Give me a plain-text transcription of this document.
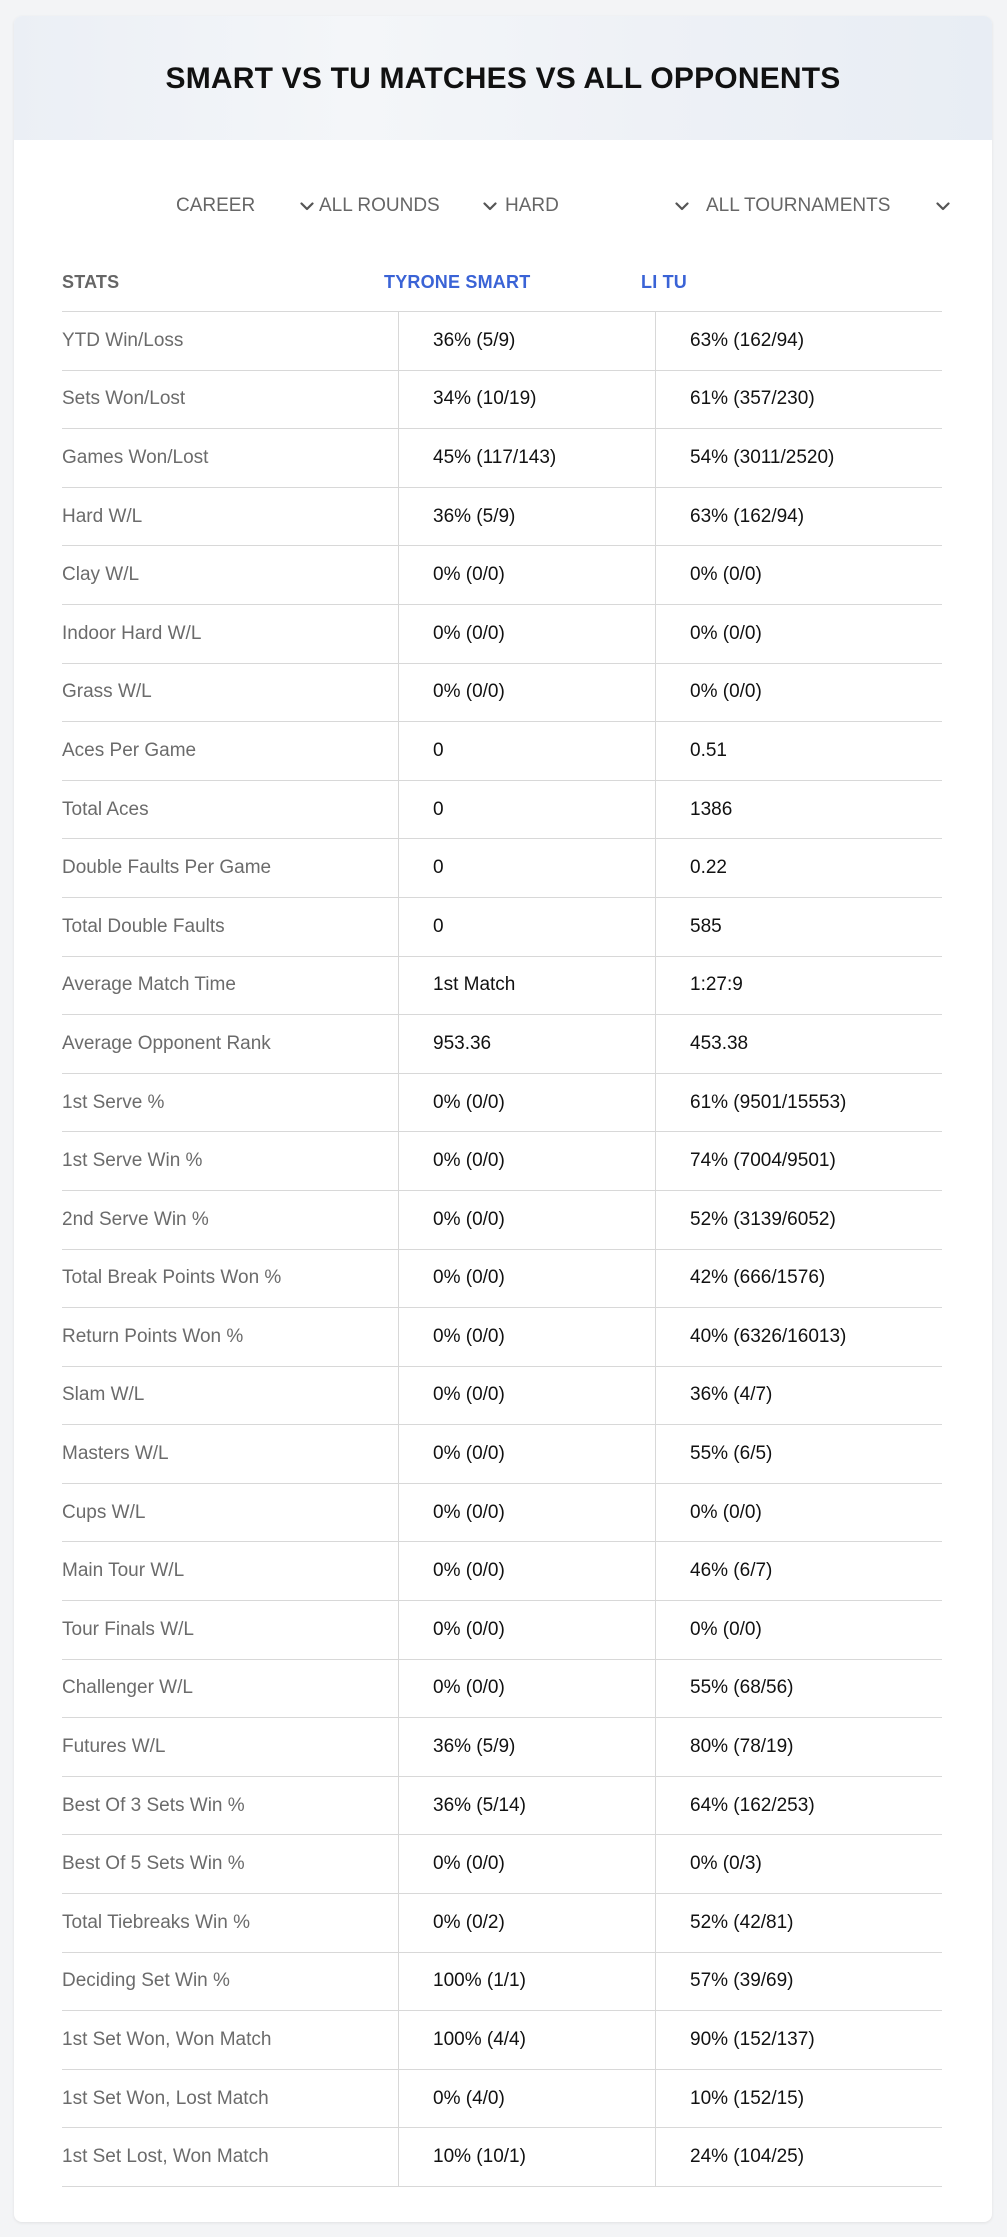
SMART VS TU MATCHES VS ALL OPPONENTS
CAREER	ALL ROUNDS	HARD	ALL TOURNAMENTS
STATS	TYRONE SMART	LI TU
YTD Win/Loss	36% (5/9)	63% (162/94)
Sets Won/Lost	34% (10/19)	61% (357/230)
Games Won/Lost	45% (117/143)	54% (3011/2520)
Hard W/L	36% (5/9)	63% (162/94)
Clay W/L	0% (0/0)	0% (0/0)
Indoor Hard W/L	0% (0/0)	0% (0/0)
Grass W/L	0% (0/0)	0% (0/0)
Aces Per Game	0	0.51
Total Aces	0	1386
Double Faults Per Game	0	0.22
Total Double Faults	0	585
Average Match Time	1st Match	1:27:9
Average Opponent Rank	953.36	453.38
1st Serve %	0% (0/0)	61% (9501/15553)
1st Serve Win %	0% (0/0)	74% (7004/9501)
2nd Serve Win %	0% (0/0)	52% (3139/6052)
Total Break Points Won %	0% (0/0)	42% (666/1576)
Return Points Won %	0% (0/0)	40% (6326/16013)
Slam W/L	0% (0/0)	36% (4/7)
Masters W/L	0% (0/0)	55% (6/5)
Cups W/L	0% (0/0)	0% (0/0)
Main Tour W/L	0% (0/0)	46% (6/7)
Tour Finals W/L	0% (0/0)	0% (0/0)
Challenger W/L	0% (0/0)	55% (68/56)
Futures W/L	36% (5/9)	80% (78/19)
Best Of 3 Sets Win %	36% (5/14)	64% (162/253)
Best Of 5 Sets Win %	0% (0/0)	0% (0/3)
Total Tiebreaks Win %	0% (0/2)	52% (42/81)
Deciding Set Win %	100% (1/1)	57% (39/69)
1st Set Won, Won Match	100% (4/4)	90% (152/137)
1st Set Won, Lost Match	0% (4/0)	10% (152/15)
1st Set Lost, Won Match	10% (10/1)	24% (104/25)
